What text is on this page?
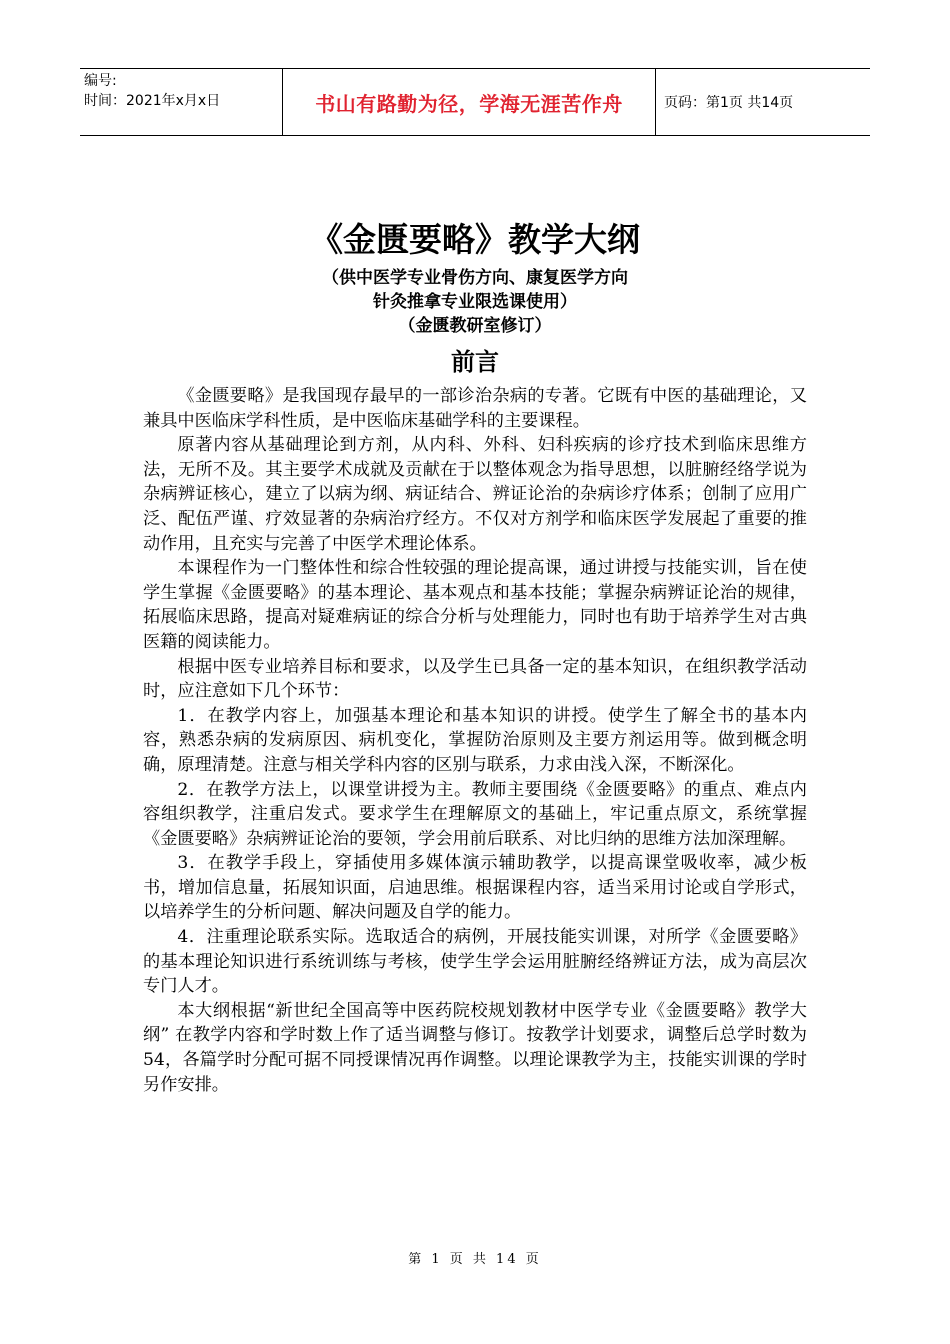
编号:
时间：2021年x月x日	书山有路勤为径，学海无涯苦作舟	页码：第1页 共14页
《金匮要略》教学大纲
（供中医学专业骨伤方向、康复医学方向
针灸推拿专业限选课使用）
（金匮教研室修订）
前言

《金匮要略》是我国现存最早的一部诊治杂病的专著。它既有中医的基础理论，又兼具中医临床学科性质，是中医临床基础学科的主要课程。

原著内容从基础理论到方剂，从内科、外科、妇科疾病的诊疗技术到临床思维方法，无所不及。其主要学术成就及贡献在于以整体观念为指导思想，以脏腑经络学说为杂病辨证核心，建立了以病为纲、病证结合、辨证论治的杂病诊疗体系；创制了应用广泛、配伍严谨、疗效显著的杂病治疗经方。不仅对方剂学和临床医学发展起了重要的推动作用，且充实与完善了中医学术理论体系。

本课程作为一门整体性和综合性较强的理论提高课，通过讲授与技能实训，旨在使学生掌握《金匮要略》的基本理论、基本观点和基本技能；掌握杂病辨证论治的规律，拓展临床思路，提高对疑难病证的综合分析与处理能力，同时也有助于培养学生对古典医籍的阅读能力。

根据中医专业培养目标和要求，以及学生已具备一定的基本知识，在组织教学活动时，应注意如下几个环节：

1．在教学内容上，加强基本理论和基本知识的讲授。使学生了解全书的基本内容，熟悉杂病的发病原因、病机变化，掌握防治原则及主要方剂运用等。做到概念明确，原理清楚。注意与相关学科内容的区别与联系，力求由浅入深，不断深化。

2．在教学方法上，以课堂讲授为主。教师主要围绕《金匮要略》的重点、难点内容组织教学，注重启发式。要求学生在理解原文的基础上，牢记重点原文，系统掌握《金匮要略》杂病辨证论治的要领，学会用前后联系、对比归纳的思维方法加深理解。

3．在教学手段上，穿插使用多媒体演示辅助教学，以提高课堂吸收率，减少板书，增加信息量，拓展知识面，启迪思维。根据课程内容，适当采用讨论或自学形式，以培养学生的分析问题、解决问题及自学的能力。

4．注重理论联系实际。选取适合的病例，开展技能实训课，对所学《金匮要略》的基本理论知识进行系统训练与考核，使学生学会运用脏腑经络辨证方法，成为高层次专门人才。

本大纲根据“新世纪全国高等中医药院校规划教材中医学专业《金匮要略》教学大纲” 在教学内容和学时数上作了适当调整与修订。按教学计划要求，调整后总学时数为54，各篇学时分配可据不同授课情况再作调整。以理论课教学为主，技能实训课的学时另作安排。

第 1 页 共 14 页
